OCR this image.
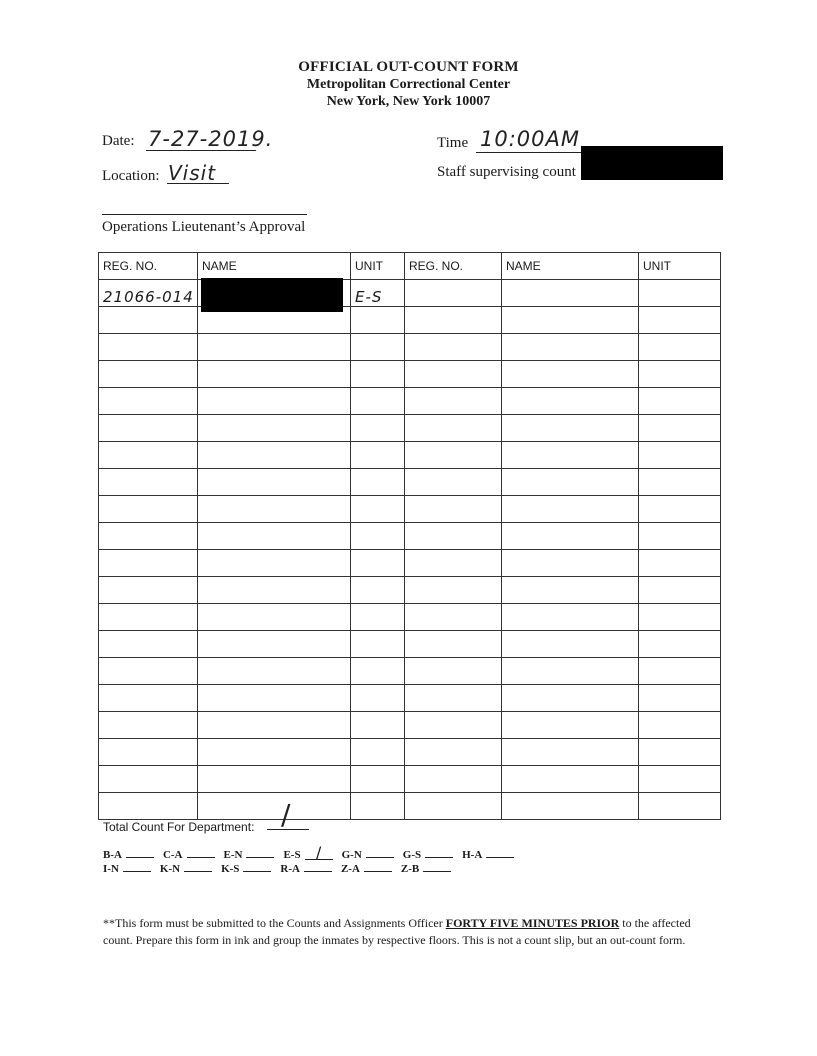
OFFICIAL OUT-COUNT FORM
Metropolitan Correctional Center
New York, New York 10007
Date: 7-27-2019.	Time 10:00AM
Location: Visit	Staff supervising count
Operations Lieutenant’s Approval
REG. NO.	NAME	UNIT	REG. NO.	NAME	UNIT
21066-014		E-S			

Total Count For Department: /
B-A	C-A	E-N	E-S / G-N	G-S	H-A
I-N	K-N	K-S	R-A	Z-A	Z-B
**This form must be submitted to the Counts and Assignments Officer FORTY FIVE MINUTES PRIOR to the affected count. Prepare this form in ink and group the inmates by respective floors. This is not a count slip, but an out-count form.
